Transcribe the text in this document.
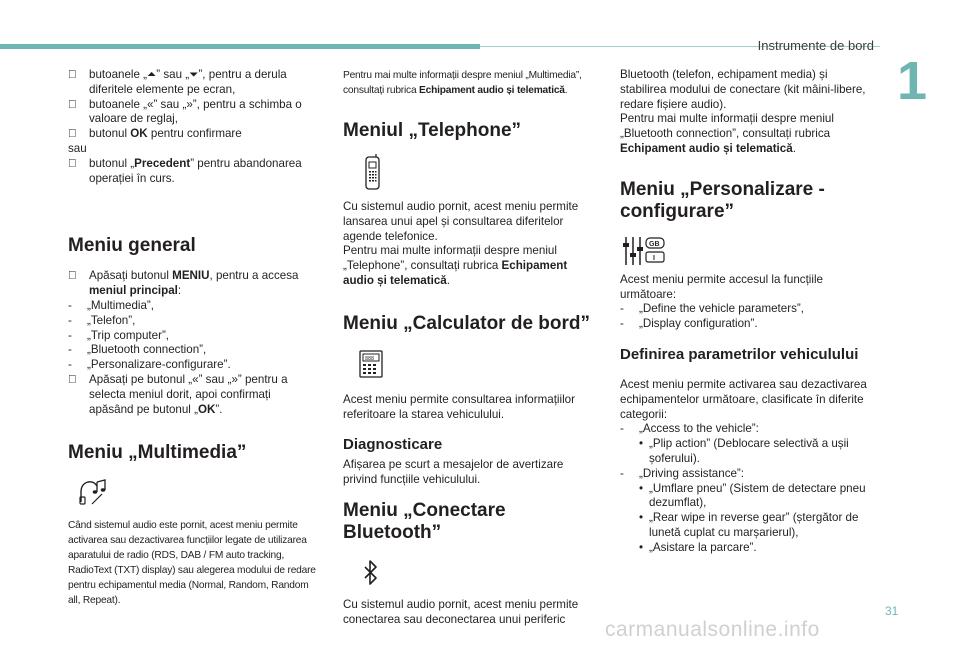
Instrumente de bord
1
31
carmanualsonline.info
butoanele „⏶” sau „⏷”, pentru a derula diferitele elemente pe ecran,
butoanele „«” sau „»”, pentru a schimba o valoare de reglaj,
butonul OK pentru confirmare

sau

butonul „Precedent” pentru abandonarea operației în curs.

Meniu general

Apăsați butonul MENIU, pentru a accesa meniul principal:
- „Multimedia”,
- „Telefon”,
- „Trip computer”,
- „Bluetooth connection”,
- „Personalizare-configurare”.
Apăsați pe butonul „«” sau „»” pentru a selecta meniul dorit, apoi confirmați apăsând pe butonul „OK”.

Meniu „Multimedia”

Când sistemul audio este pornit, acest meniu permite activarea sau dezactivarea funcțiilor legate de utilizarea aparatului de radio (RDS, DAB / FM auto tracking, RadioText (TXT) display) sau alegerea modului de redare pentru echipamentul media (Normal, Random, Random all, Repeat).

Pentru mai multe informații despre meniul „Multimedia”, consultați rubrica Echipament audio și telematică.

Meniul „Telephone”

Cu sistemul audio pornit, acest meniu permite lansarea unui apel și consultarea diferitelor agende telefonice.

Pentru mai multe informații despre meniul „Telephone”, consultați rubrica Echipament audio și telematică.

Meniu „Calculator de bord”

888

Acest meniu permite consultarea informațiilor referitoare la starea vehiculului.

Diagnosticare

Afișarea pe scurt a mesajelor de avertizare privind funcțiile vehiculului.

Meniu „Conectare Bluetooth”

Cu sistemul audio pornit, acest meniu permite conectarea sau deconectarea unui periferic

Bluetooth (telefon, echipament media) și stabilirea modului de conectare (kit mâini-libere, redare fișiere audio).

Pentru mai multe informații despre meniul „Bluetooth connection”, consultați rubrica Echipament audio și telematică.

Meniu „Personalizare - configurare”

GB
I

Acest meniu permite accesul la funcțiile următoare:

- „Define the vehicle parameters”,
- „Display configuration”.

Definirea parametrilor vehiculului

Acest meniu permite activarea sau dezactivarea echipamentelor următoare, clasificate în diferite categorii:

- „Access to the vehicle”:
• „Plip action” (Deblocare selectivă a ușii șoferului).
- „Driving assistance”:
• „Umflare pneu” (Sistem de detectare pneu dezumflat),
• „Rear wipe in reverse gear” (ștergător de lunetă cuplat cu marșarierul),
• „Asistare la parcare”.
